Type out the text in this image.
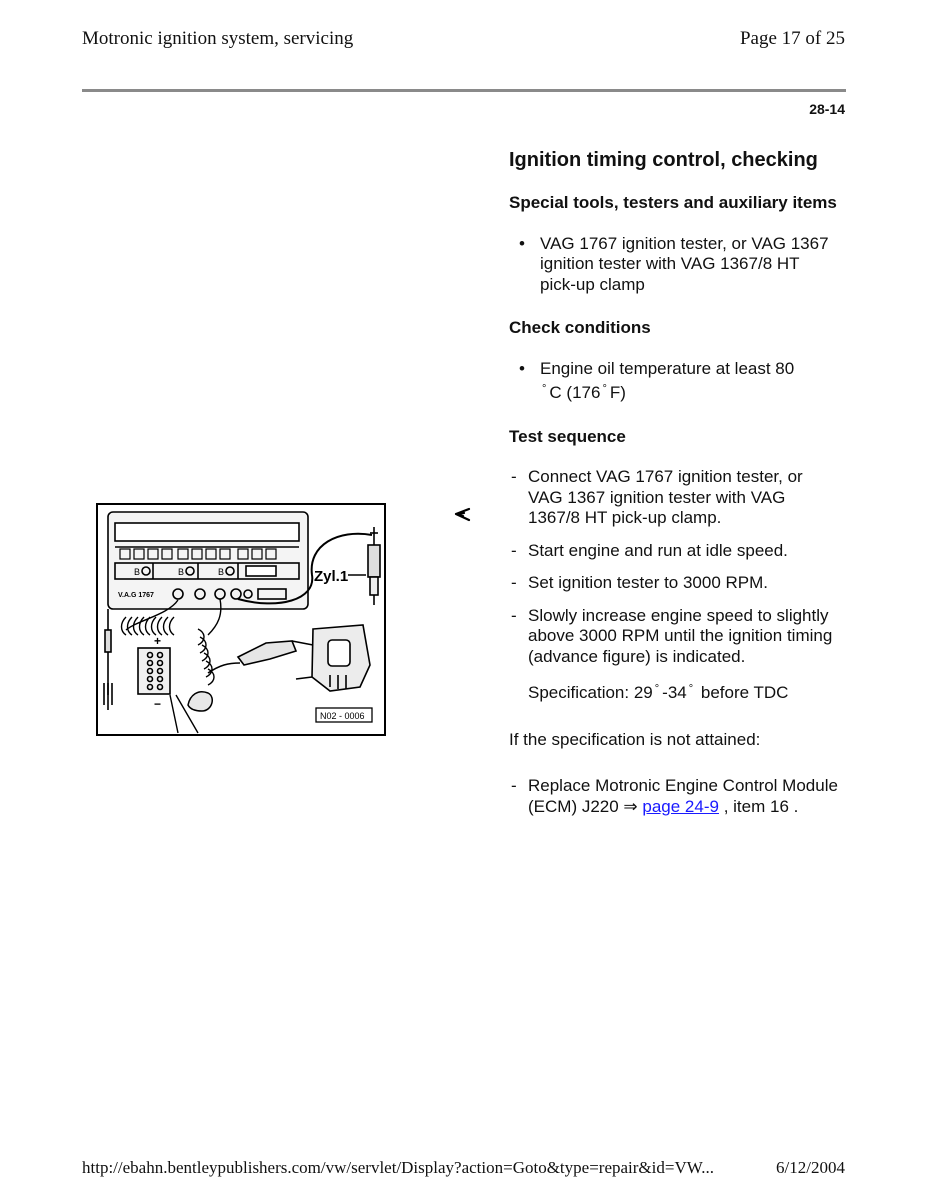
Motronic ignition system, servicing	Page 17 of 25
28-14
Ignition timing control, checking
Special tools, testers and auxiliary items
• VAG 1767 ignition tester, or VAG 1367 ignition tester with VAG 1367/8 HT pick-up clamp
Check conditions
• Engine oil temperature at least 80
° C (176 ° F)
Test sequence
- Connect VAG 1767 ignition tester, or VAG 1367 ignition tester with VAG 1367/8 HT pick-up clamp.
- Start engine and run at idle speed.
- Set ignition tester to 3000 RPM.
- Slowly increase engine speed to slightly above 3000 RPM until the ignition timing (advance figure) is indicated.
Specification: 29 ° -34 ° before TDC
If the specification is not attained:
- Replace Motronic Engine Control Module (ECM) J220 ⇒ page 24-9 , item 16 .
B	B	B
V.A.G 1767
Zyl.1
+
−
N02 - 0006
http://ebahn.bentleypublishers.com/vw/servlet/Display?action=Goto&type=repair&id=VW...	6/12/2004
